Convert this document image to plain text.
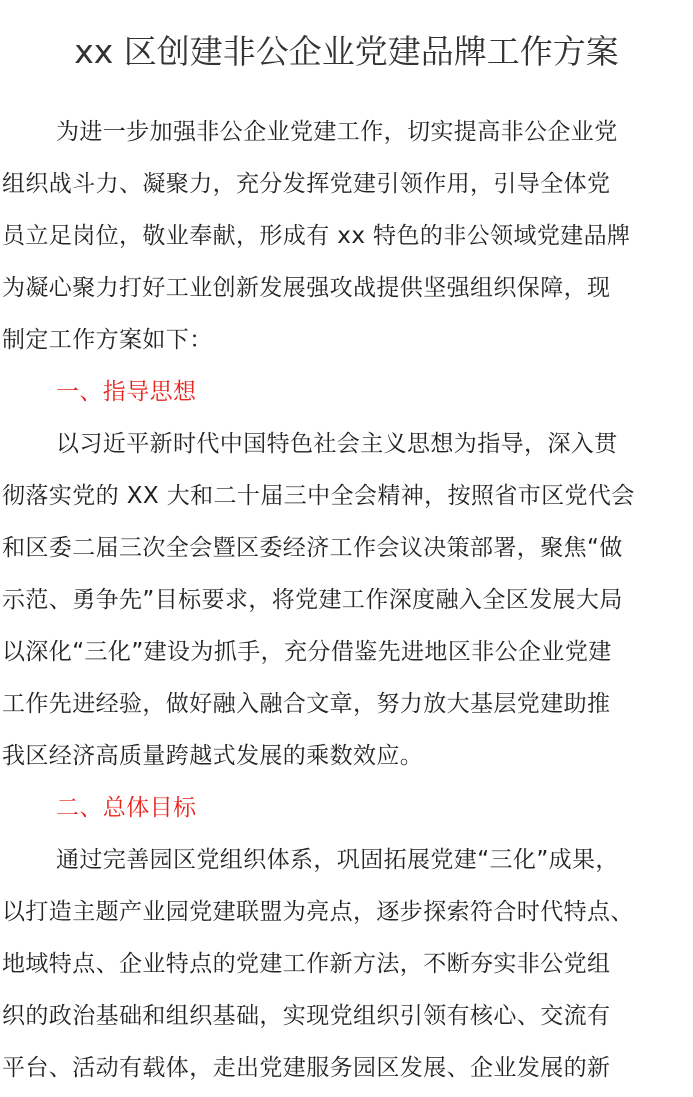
xx 区创建非公企业党建品牌工作方案
为进一步加强非公企业党建工作，切实提高非公企业党
组织战斗力、凝聚力，充分发挥党建引领作用，引导全体党
员立足岗位，敬业奉献，形成有 xx 特色的非公领域党建品牌
为凝心聚力打好工业创新发展强攻战提供坚强组织保障，现
制定工作方案如下：
一、指导思想
以习近平新时代中国特色社会主义思想为指导，深入贯
彻落实党的 XX 大和二十届三中全会精神，按照省市区党代会
和区委二届三次全会暨区委经济工作会议决策部署，聚焦“做
示范、勇争先”目标要求，将党建工作深度融入全区发展大局
以深化“三化”建设为抓手，充分借鉴先进地区非公企业党建
工作先进经验，做好融入融合文章，努力放大基层党建助推
我区经济高质量跨越式发展的乘数效应。
二、总体目标
通过完善园区党组织体系，巩固拓展党建“三化”成果，
以打造主题产业园党建联盟为亮点，逐步探索符合时代特点、
地域特点、企业特点的党建工作新方法，不断夯实非公党组
织的政治基础和组织基础，实现党组织引领有核心、交流有
平台、活动有载体，走出党建服务园区发展、企业发展的新
